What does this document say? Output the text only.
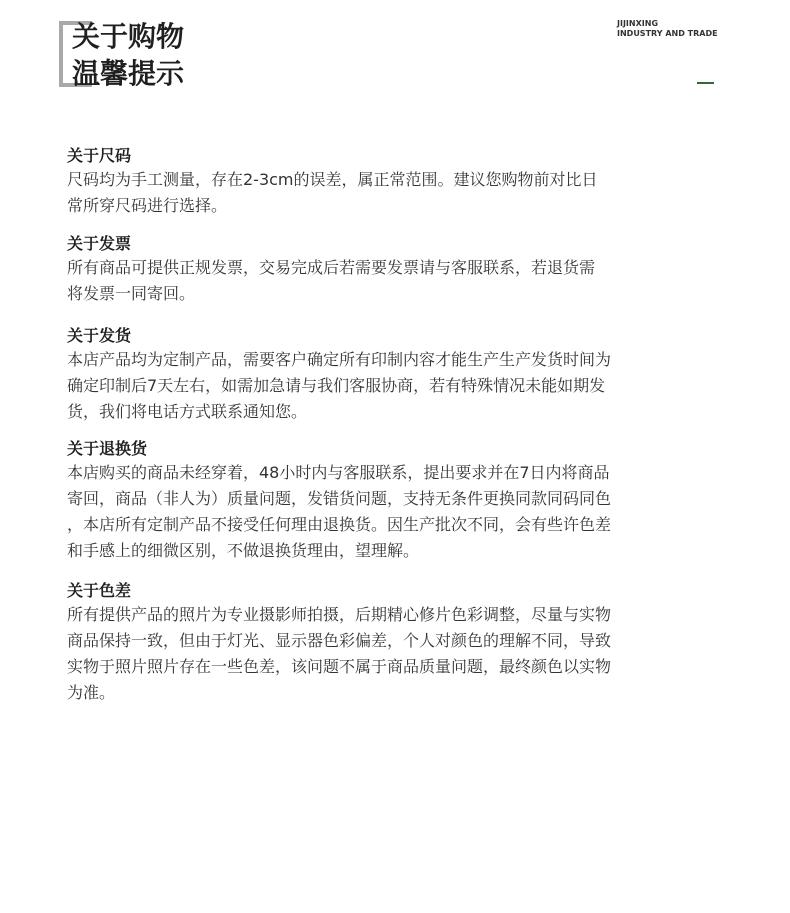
关于购物
温馨提示
JIJINXING
INDUSTRY AND TRADE
关于尺码

尺码均为手工测量，存在2-3cm的误差，属正常范围。建议您购物前对比日
常所穿尺码进行选择。

关于发票

所有商品可提供正规发票，交易完成后若需要发票请与客服联系，若退货需
将发票一同寄回。

关于发货

本店产品均为定制产品，需要客户确定所有印制内容才能生产生产发货时间为
确定印制后7天左右，如需加急请与我们客服协商，若有特殊情况未能如期发
货，我们将电话方式联系通知您。

关于退换货

本店购买的商品未经穿着，48小时内与客服联系，提出要求并在7日内将商品
寄回，商品（非人为）质量问题，发错货问题，支持无条件更换同款同码同色
，本店所有定制产品不接受任何理由退换货。因生产批次不同，会有些许色差
和手感上的细微区别，不做退换货理由，望理解。

关于色差

所有提供产品的照片为专业摄影师拍摄，后期精心修片色彩调整，尽量与实物
商品保持一致，但由于灯光、显示器色彩偏差，个人对颜色的理解不同，导致
实物于照片照片存在一些色差，该问题不属于商品质量问题，最终颜色以实物
为准。
